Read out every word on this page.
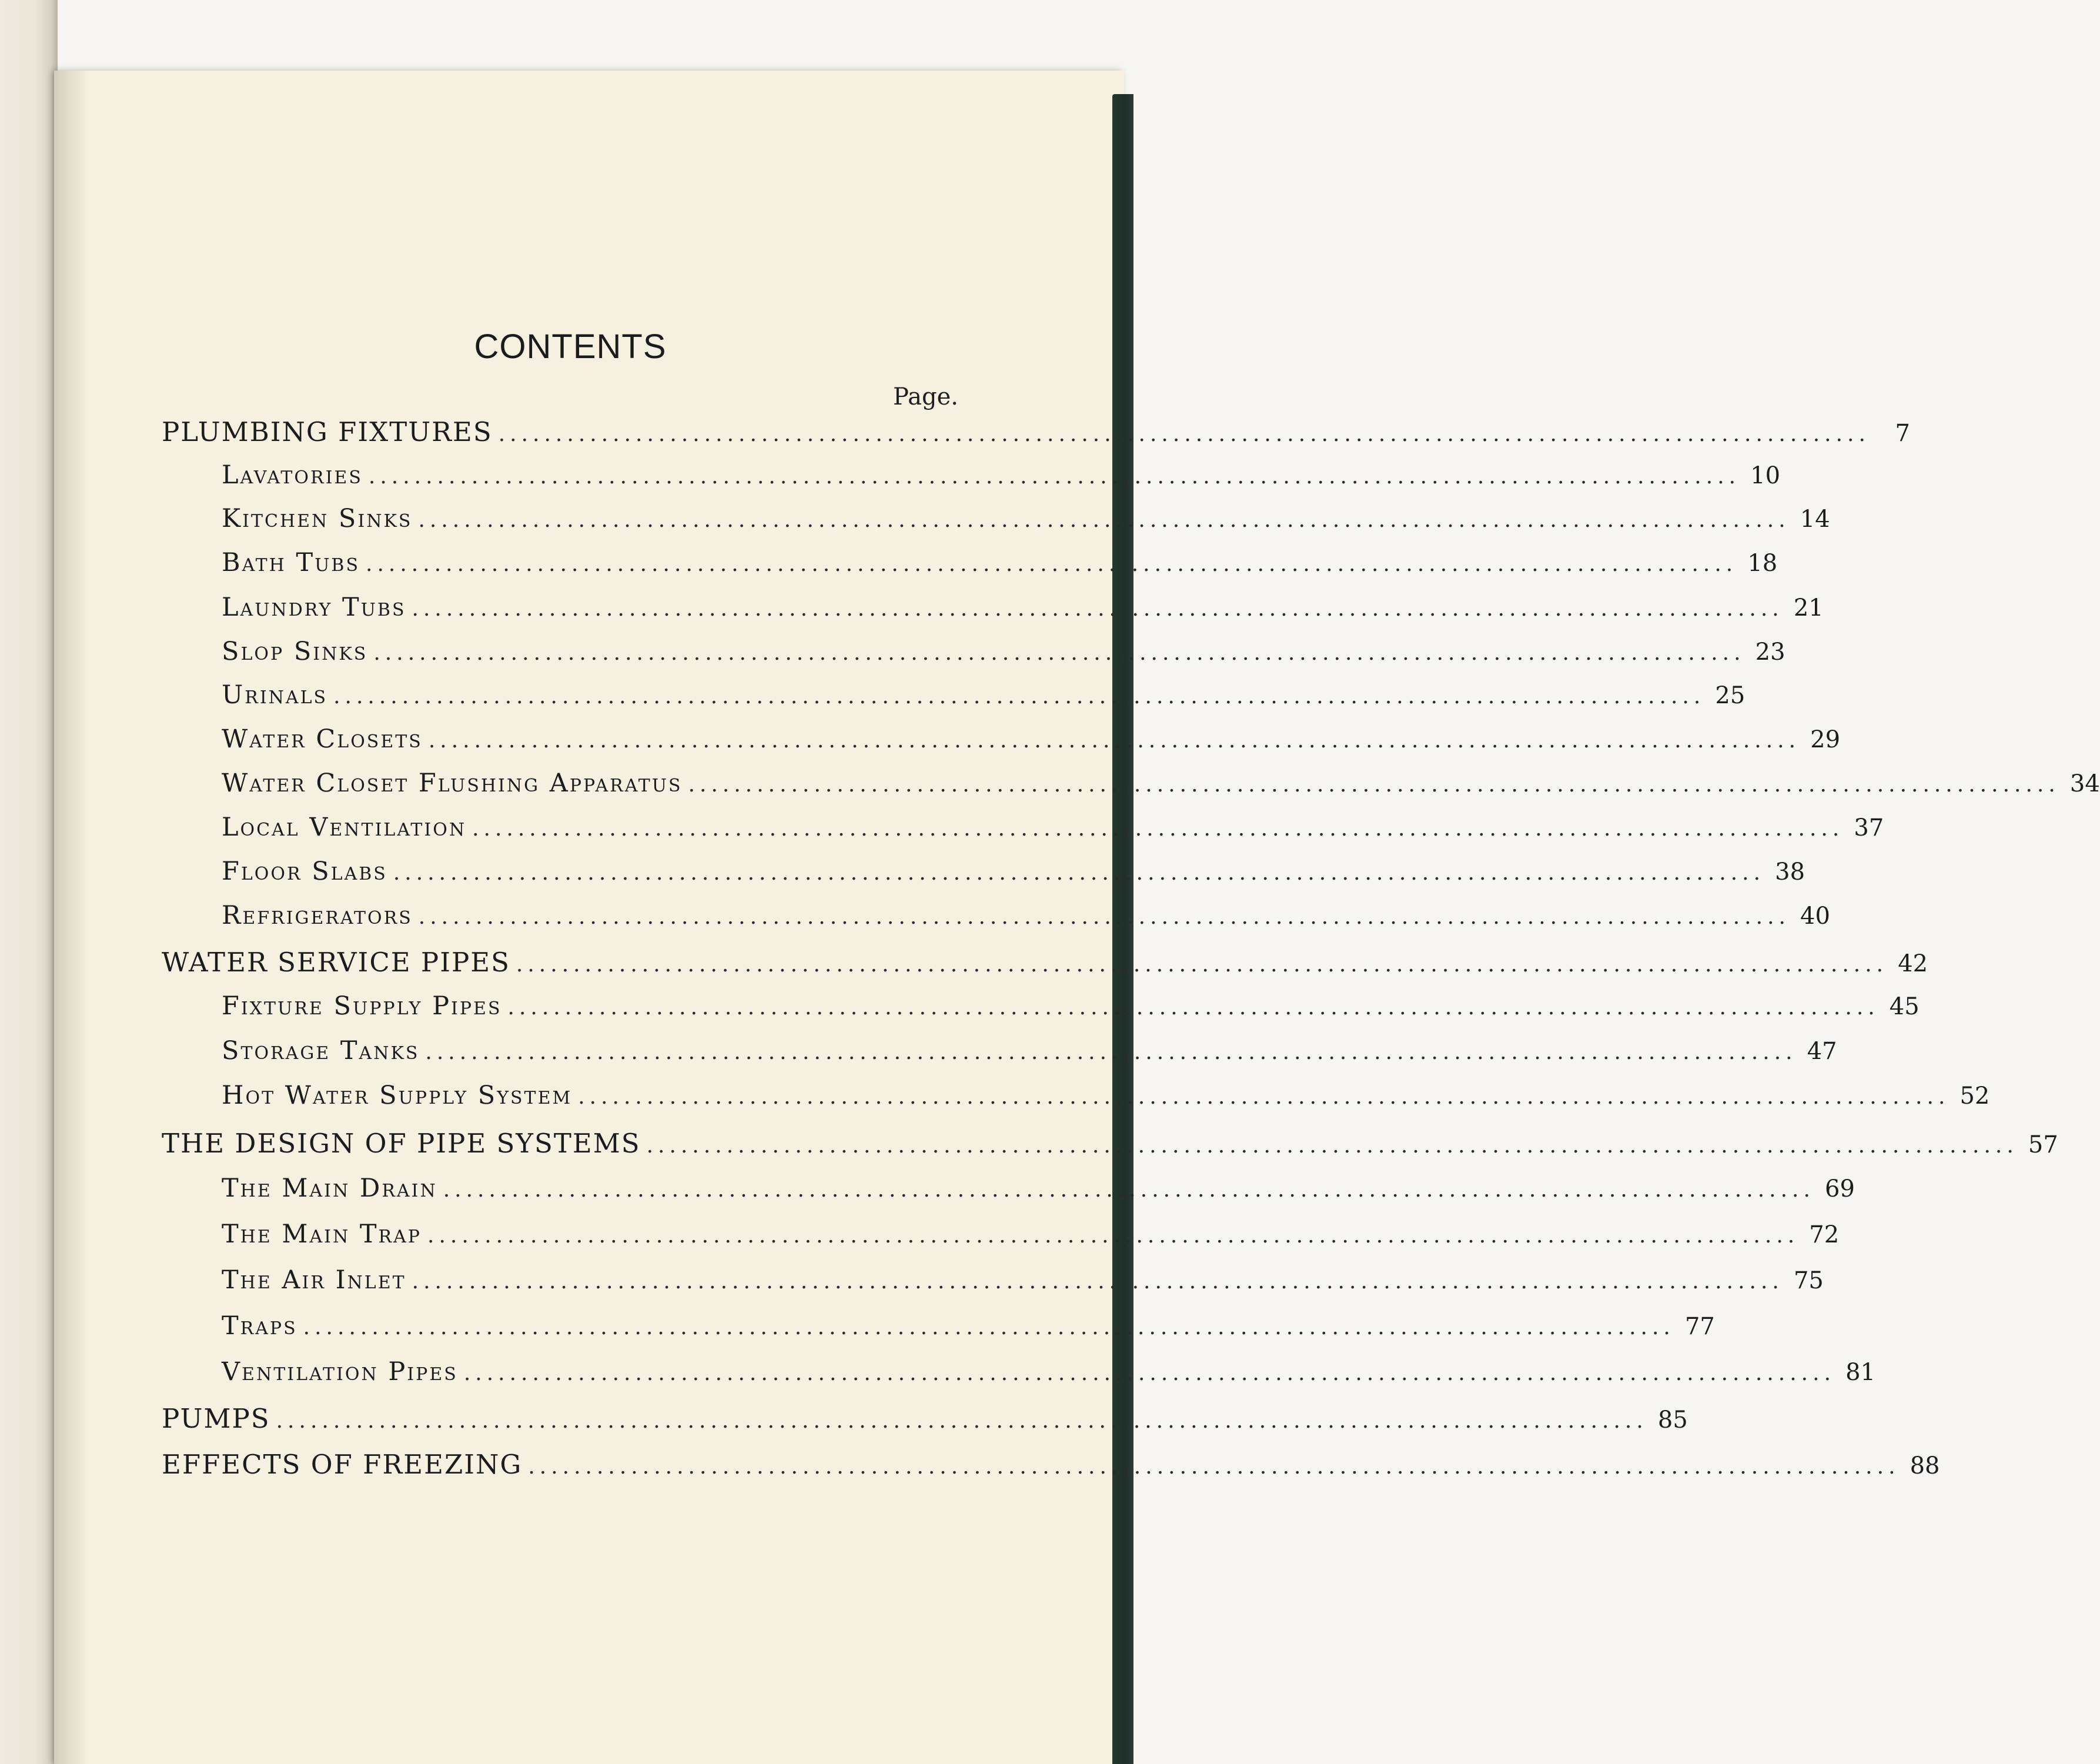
CONTENTS
Page.
PLUMBING FIXTURES ........................................................................................................................	7
Lavatories ........................................................................................................................ 10
Kitchen Sinks ........................................................................................................................ 14
Bath Tubs ........................................................................................................................ 18
Laundry Tubs ........................................................................................................................ 21
Slop Sinks ........................................................................................................................ 23
Urinals ........................................................................................................................ 25
Water Closets ........................................................................................................................ 29
Water Closet Flushing Apparatus ........................................................................................................................ 34
Local Ventilation ........................................................................................................................ 37
Floor Slabs ........................................................................................................................ 38
Refrigerators ........................................................................................................................ 40
WATER SERVICE PIPES ........................................................................................................................ 42
Fixture Supply Pipes ........................................................................................................................ 45
Storage Tanks ........................................................................................................................ 47
Hot Water Supply System ........................................................................................................................ 52
THE DESIGN OF PIPE SYSTEMS ........................................................................................................................ 57
The Main Drain ........................................................................................................................ 69
The Main Trap ........................................................................................................................ 72
The Air Inlet ........................................................................................................................ 75
Traps ........................................................................................................................ 77
Ventilation Pipes ........................................................................................................................ 81
PUMPS ........................................................................................................................ 85
EFFECTS OF FREEZING ........................................................................................................................ 88
